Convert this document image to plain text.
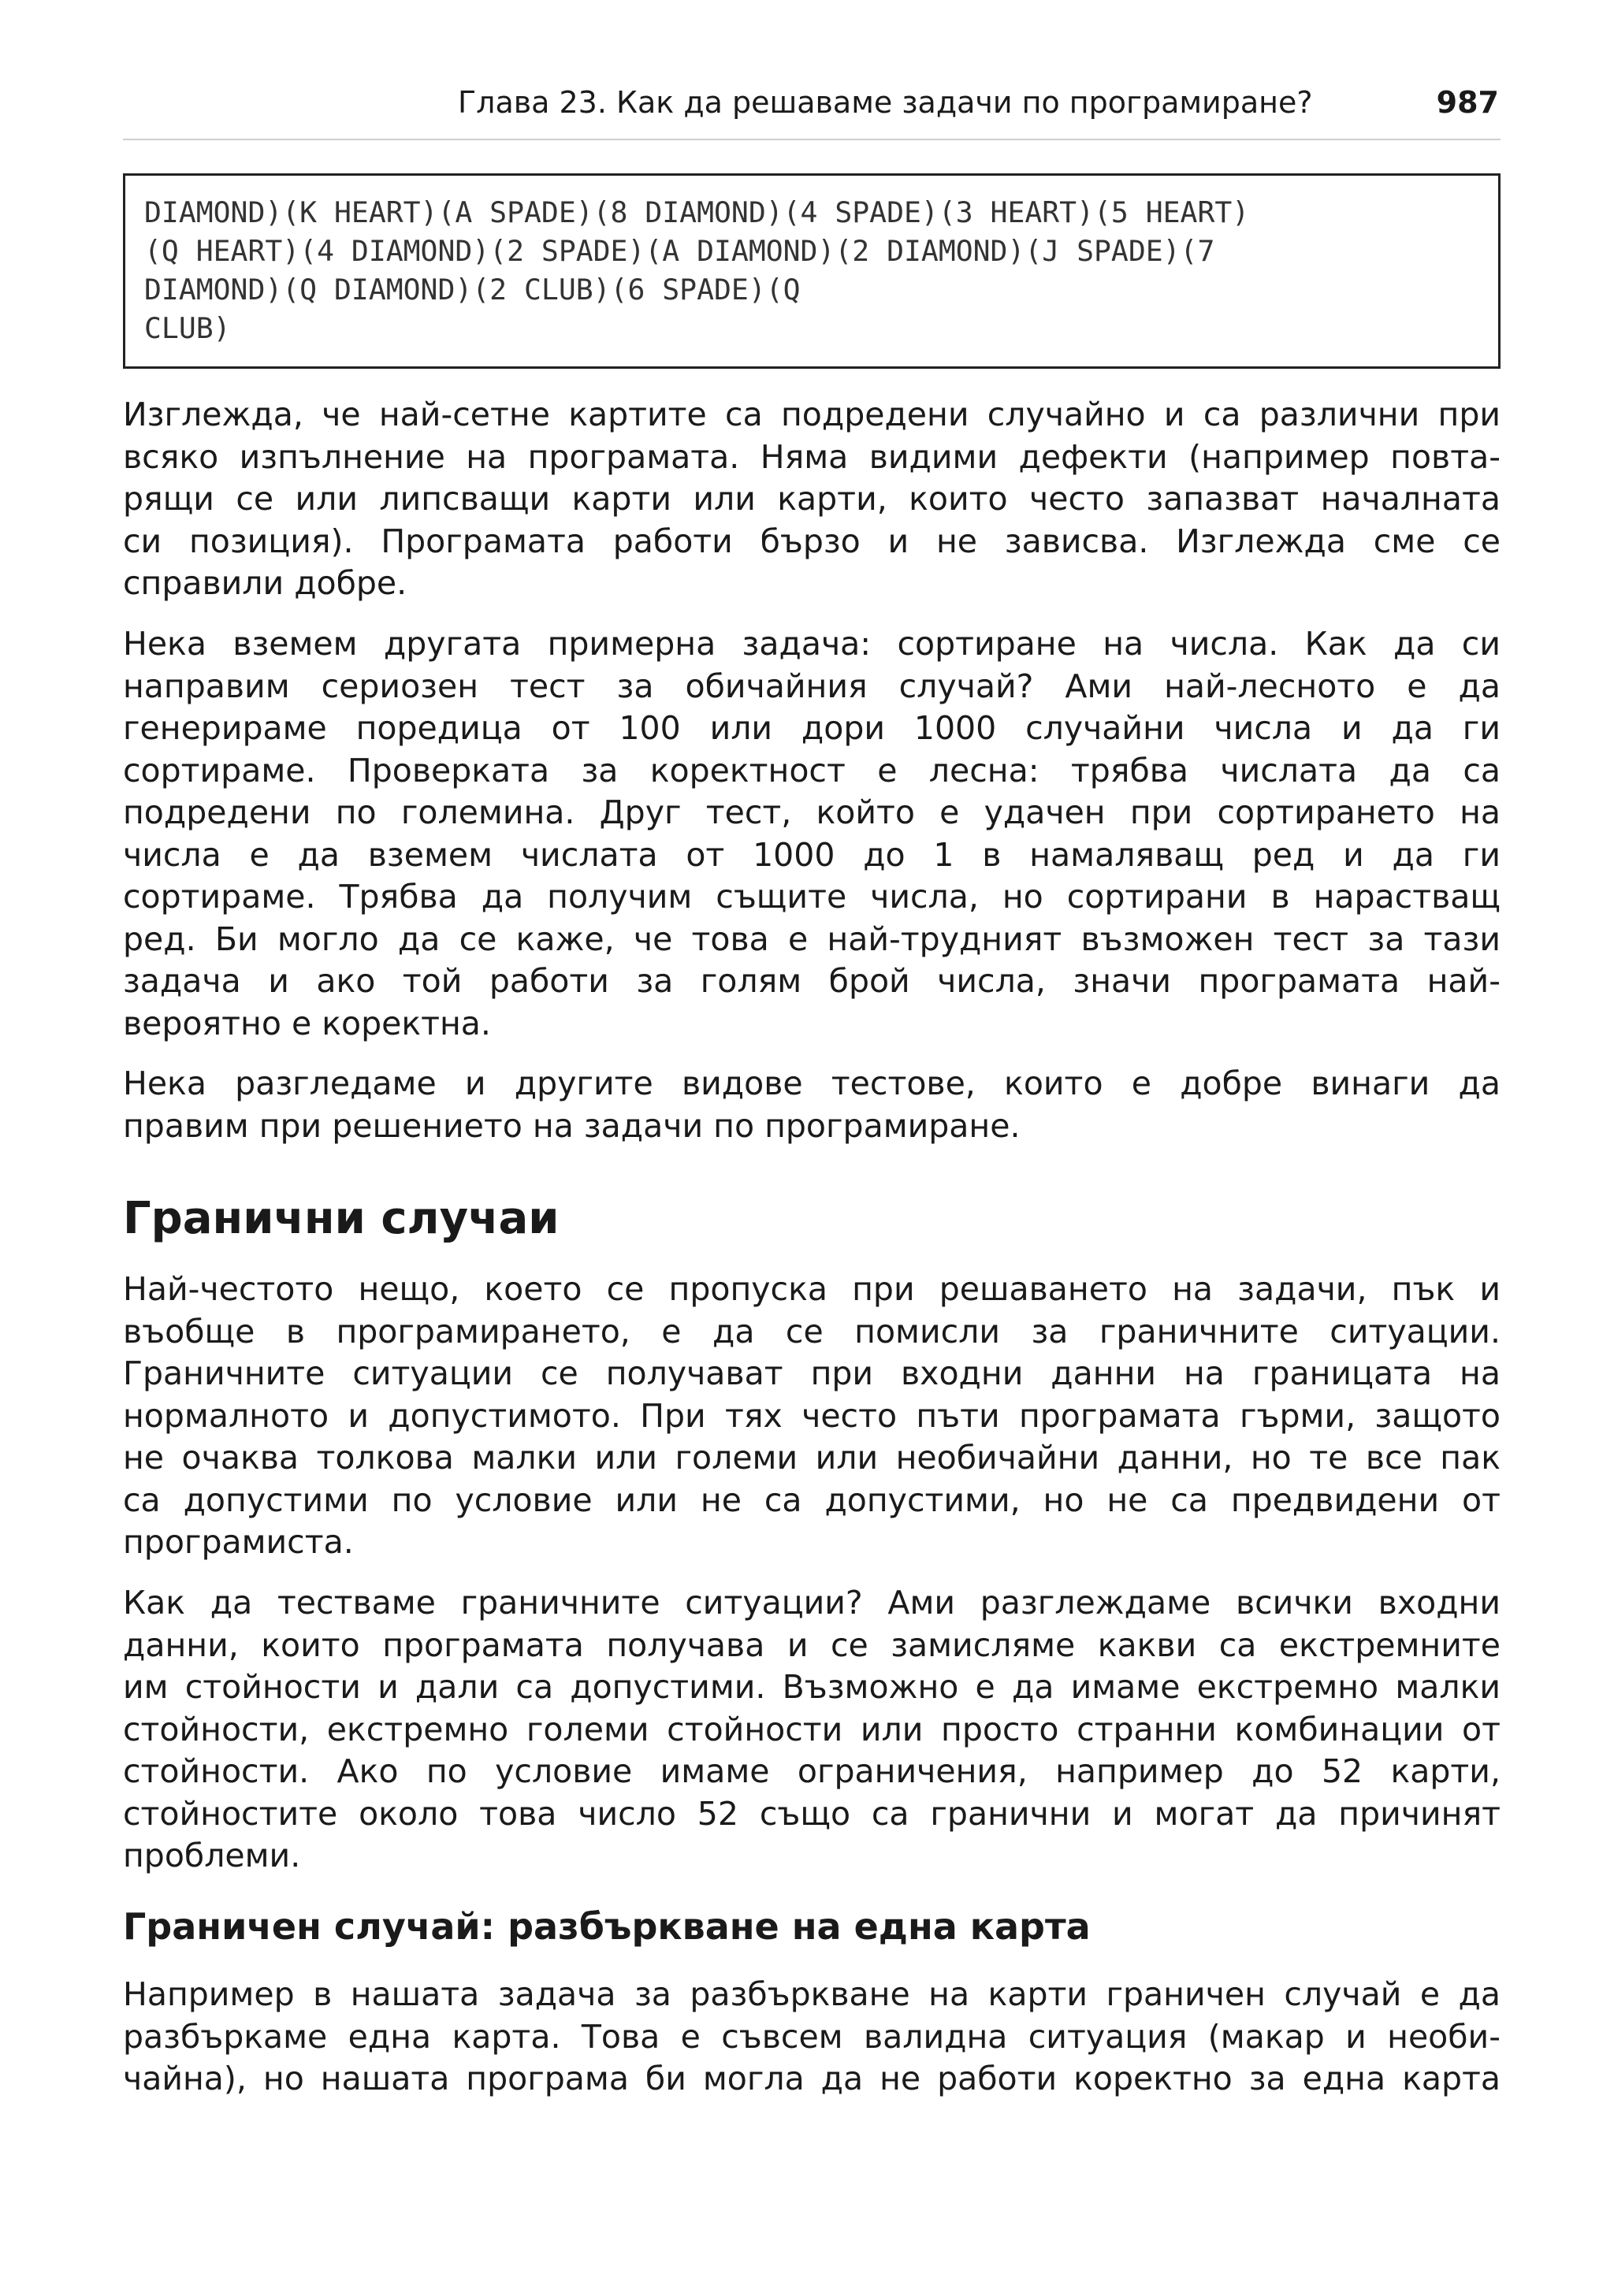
Глава 23. Как да решаваме задачи по програмиране?	987
DIAMOND)(K HEART)(A SPADE)(8 DIAMOND)(4 SPADE)(3 HEART)(5 HEART)
(Q HEART)(4 DIAMOND)(2 SPADE)(A DIAMOND)(2 DIAMOND)(J SPADE)(7
DIAMOND)(Q DIAMOND)(2 CLUB)(6 SPADE)(Q
CLUB)
Изглежда, че най-сетне картите са подредени случайно и са различни при
всяко изпълнение на програмата. Няма видими дефекти (например повта-
рящи се или липсващи карти или карти, които често запазват началната
си позиция). Програмата работи бързо и не зависва. Изглежда сме се
справили добре.
Нека вземем другата примерна задача: сортиране на числа. Как да си
направим сериозен тест за обичайния случай? Ами най-лесното е да
генерираме поредица от 100 или дори 1000 случайни числа и да ги
сортираме. Проверката за коректност е лесна: трябва числата да са
подредени по големина. Друг тест, който е удачен при сортирането на
числа е да вземем числата от 1000 до 1 в намаляващ ред и да ги
сортираме. Трябва да получим същите числа, но сортирани в нарастващ
ред. Би могло да се каже, че това е най-трудният възможен тест за тази
задача и ако той работи за голям брой числа, значи програмата най-
вероятно е коректна.
Нека разгледаме и другите видове тестове, които е добре винаги да
правим при решението на задачи по програмиране.
Гранични случаи
Най-честото нещо, което се пропуска при решаването на задачи, пък и
въобще в програмирането, е да се помисли за граничните ситуации.
Граничните ситуации се получават при входни данни на границата на
нормалното и допустимото. При тях често пъти програмата гърми, защото
не очаква толкова малки или големи или необичайни данни, но те все пак
са допустими по условие или не са допустими, но не са предвидени от
програмиста.
Как да тестваме граничните ситуации? Ами разглеждаме всички входни
данни, които програмата получава и се замисляме какви са екстремните
им стойности и дали са допустими. Възможно е да имаме екстремно малки
стойности, екстремно големи стойности или просто странни комбинации от
стойности. Ако по условие имаме ограничения, например до 52 карти,
стойностите около това число 52 също са гранични и могат да причинят
проблеми.
Граничен случай: разбъркване на една карта
Например в нашата задача за разбъркване на карти граничен случай е да
разбъркаме една карта. Това е съвсем валидна ситуация (макар и необи-
чайна), но нашата програма би могла да не работи коректно за една карта
